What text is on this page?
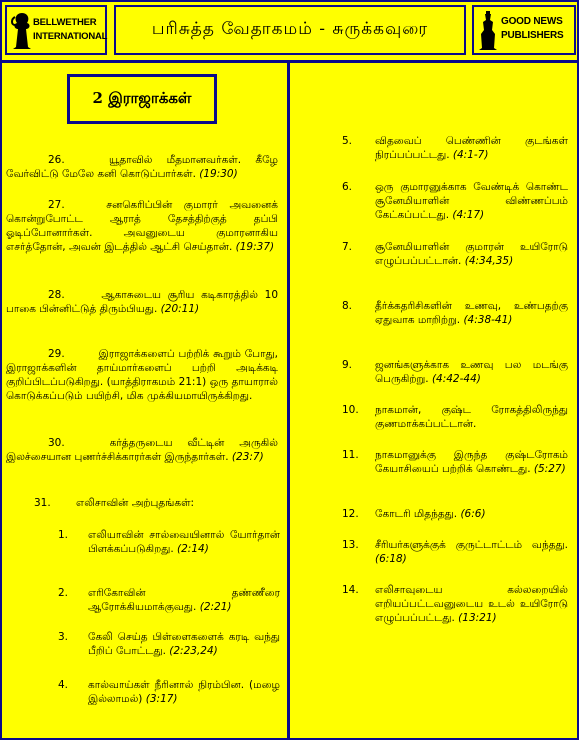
BELLWETHER
INTERNATIONAL	பரிசுத்த வேதாகமம் - சுருக்கவுரை	GOOD NEWS
PUBLISHERS
2 இராஜாக்கள்
26.	யூதாவில் மீதமானவர்கள். கீழே வேர்விட்டு மேலே கனி கொடுப்பார்கள். (19:30)
27.	சனகெரிப்பின் குமாரர் அவனைக் கொன்றுபோட்ட ஆராத் தேசத்திற்குத் தப்பி ஓடிப்போனார்கள். அவனுடைய குமாரனாகிய எசர்த்தோன், அவன் இடத்தில் ஆட்சி செய்தான். (19:37)
28.	ஆகாசுடைய சூரிய கடிகாரத்தில் 10 பாகை பின்னிட்டுத் திரும்பியது. (20:11)
29.	இராஜாக்களைப் பற்றிக் கூறும் போது, இராஜாக்களின் தாய்மார்களைப் பற்றி அடிக்கடி குறிப்பிடப்படுகிறது. (யாத்திராகமம் 21:1) ஒரு தாயாரால் கொடுக்கப்படும் பயிற்சி, மிக முக்கியமாயிருக்கிறது.
30.	கர்த்தருடைய வீட்டின் அருகில் இலச்சையான புணர்ச்சிக்காரர்கள் இருந்தார்கள். (23:7)
31. எலிசாவின் அற்புதங்கள்:
1. எலியாவின் சால்வையினால் யோர்தான் பிளக்கப்படுகிறது. (2:14)
2. எரிகோவின் தண்ணீரை ஆரோக்கியமாக்குவது. (2:21)
3. கேலி செய்த பிள்ளைகளைக் கரடி வந்து பீறிப் போட்டது. (2:23,24)
4. கால்வாய்கள் நீரினால் நிரம்பின. (மழை இல்லாமல்) (3:17)
5. விதவைப் பெண்ணின் குடங்கள் நிரப்பப்பட்டது. (4:1-7)
6. ஒரு குமாரனுக்காக வேண்டிக் கொண்ட சூனேமியாளின் விண்ணப்பம் கேட்கப்பட்டது. (4:17)
7. சூனேமியாளின் குமாரன் உயிரோடு எழுப்பப்பட்டான். (4:34,35)
8. தீர்க்கதரிசிகளின் உணவு, உண்பதற்கு ஏதுவாக மாறிற்று. (4:38-41)
9. ஜனங்களுக்காக உணவு பல மடங்கு பெருகிற்று. (4:42-44)
10. நாகமான், குஷ்ட ரோகத்திலிருந்து குணமாக்கப்பட்டான்.
11. நாகமானுக்கு இருந்த குஷ்டரோகம் கேயாசியைப் பற்றிக் கொண்டது. (5:27)
12. கோடரி மிதந்தது. (6:6)
13. சீரியர்களுக்குக் குருட்டாட்டம் வந்தது. (6:18)
14. எலிசாவுடைய கல்லறையில் எறியப்பட்டவனுடைய உடல் உயிரோடு எழுப்பப்பட்டது. (13:21)
